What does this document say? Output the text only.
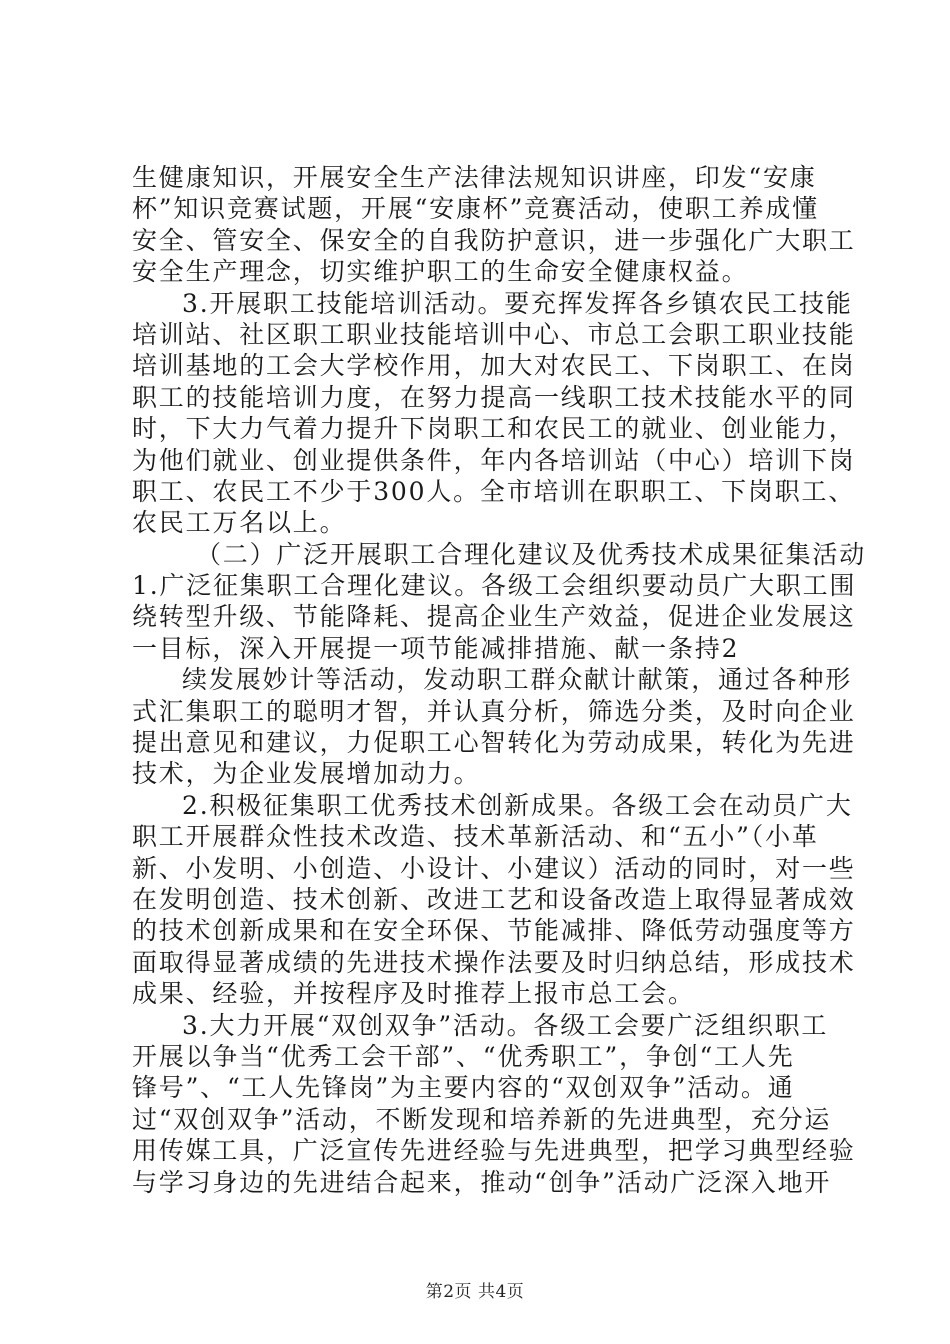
生健康知识，开展安全生产法律法规知识讲座，印发“安康
杯”知识竞赛试题，开展“安康杯”竞赛活动，使职工养成懂
安全、管安全、保安全的自我防护意识，进一步强化广大职工
安全生产理念，切实维护职工的生命安全健康权益。
3.开展职工技能培训活动。要充挥发挥各乡镇农民工技能
培训站、社区职工职业技能培训中心、市总工会职工职业技能
培训基地的工会大学校作用，加大对农民工、下岗职工、在岗
职工的技能培训力度，在努力提高一线职工技术技能水平的同
时，下大力气着力提升下岗职工和农民工的就业、创业能力，
为他们就业、创业提供条件，年内各培训站（中心）培训下岗
职工、农民工不少于300人。全市培训在职职工、下岗职工、
农民工万名以上。
（二）广泛开展职工合理化建议及优秀技术成果征集活动
1.广泛征集职工合理化建议。各级工会组织要动员广大职工围
绕转型升级、节能降耗、提高企业生产效益，促进企业发展这
一目标，深入开展提一项节能减排措施、献一条持2
续发展妙计等活动，发动职工群众献计献策，通过各种形
式汇集职工的聪明才智，并认真分析，筛选分类，及时向企业
提出意见和建议，力促职工心智转化为劳动成果，转化为先进
技术，为企业发展增加动力。
2.积极征集职工优秀技术创新成果。各级工会在动员广大
职工开展群众性技术改造、技术革新活动、和“五小”（小革
新、小发明、小创造、小设计、小建议）活动的同时，对一些
在发明创造、技术创新、改进工艺和设备改造上取得显著成效
的技术创新成果和在安全环保、节能减排、降低劳动强度等方
面取得显著成绩的先进技术操作法要及时归纳总结，形成技术
成果、经验，并按程序及时推荐上报市总工会。
3.大力开展“双创双争”活动。各级工会要广泛组织职工
开展以争当“优秀工会干部”、“优秀职工”，争创“工人先
锋号”、“工人先锋岗”为主要内容的“双创双争”活动。通
过“双创双争”活动，不断发现和培养新的先进典型，充分运
用传媒工具，广泛宣传先进经验与先进典型，把学习典型经验
与学习身边的先进结合起来，推动“创争”活动广泛深入地开
第2页 共4页
